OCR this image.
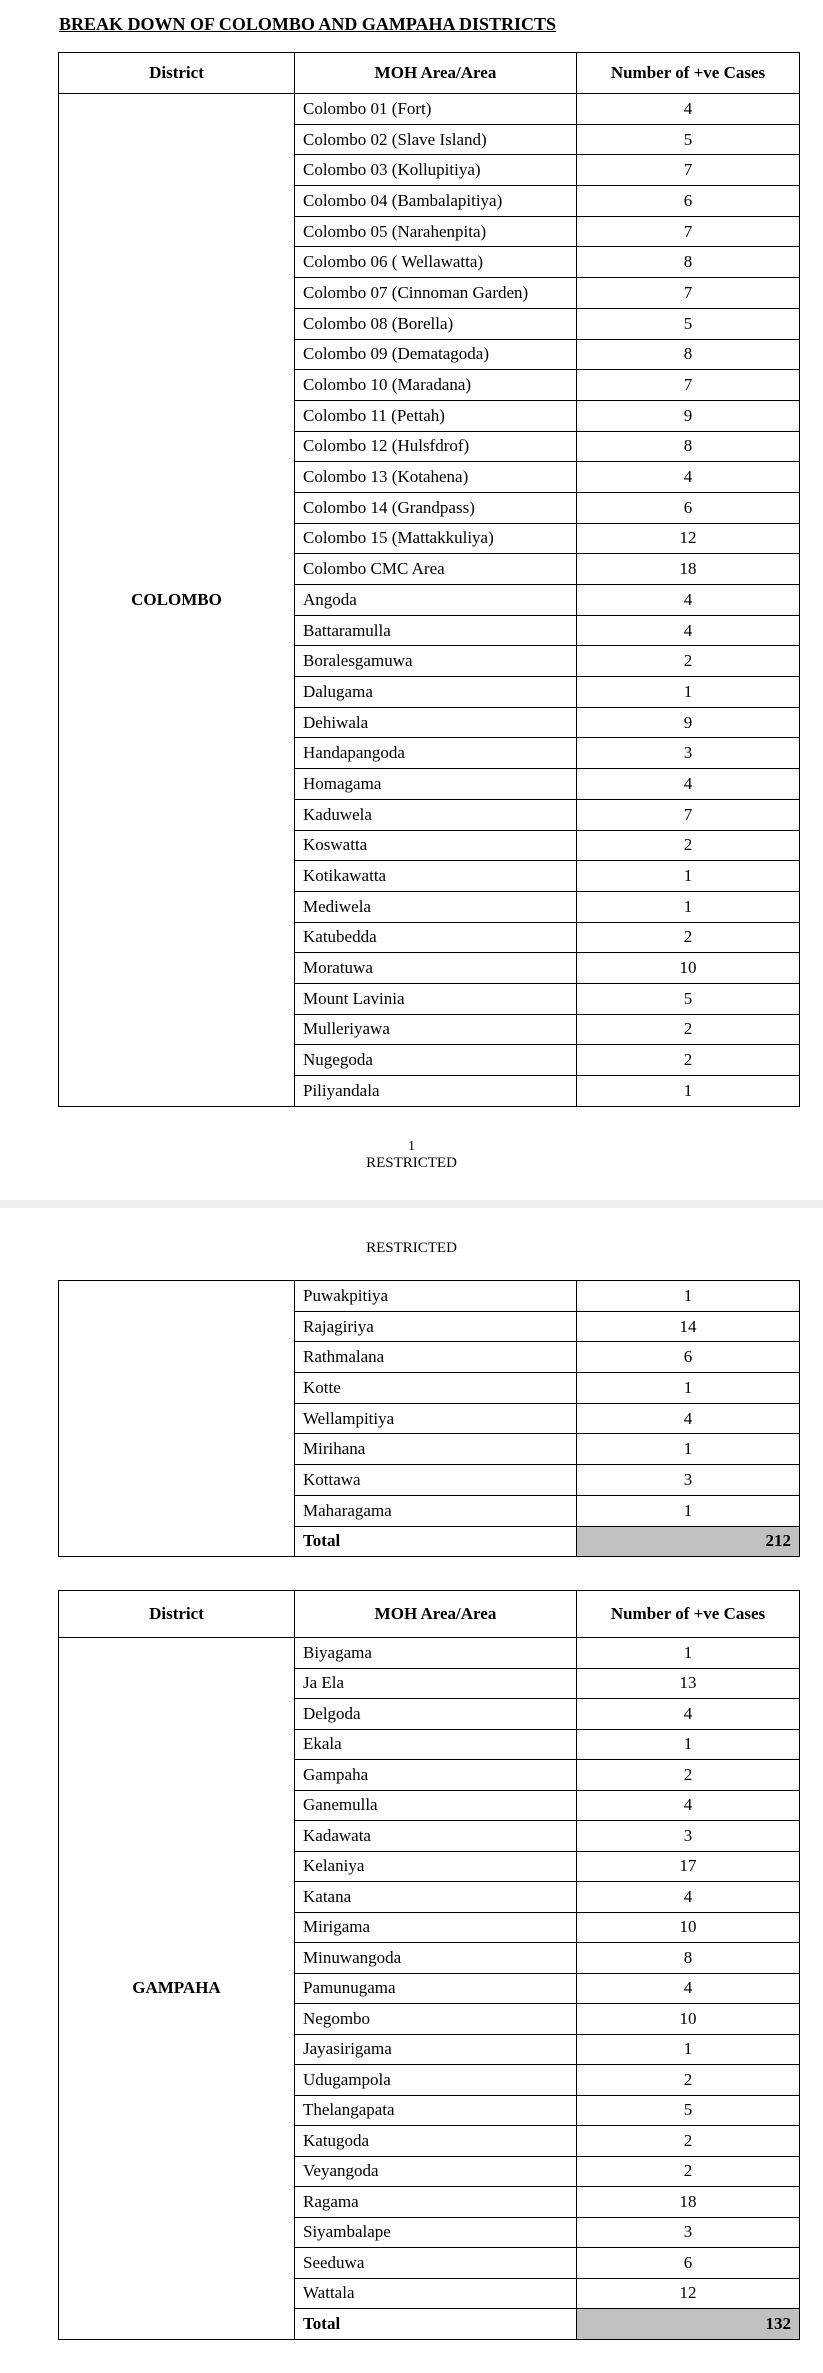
BREAK DOWN OF COLOMBO AND GAMPAHA DISTRICTS
District	MOH Area/Area	Number of +ve Cases
COLOMBO	Colombo 01 (Fort)	4
	Colombo 02 (Slave Island)	5
	Colombo 03 (Kollupitiya)	7
	Colombo 04 (Bambalapitiya)	6
	Colombo 05 (Narahenpita)	7
	Colombo 06 ( Wellawatta)	8
	Colombo 07 (Cinnoman Garden)	7
	Colombo 08 (Borella)	5
	Colombo 09 (Dematagoda)	8
	Colombo 10 (Maradana)	7
	Colombo 11 (Pettah)	9
	Colombo 12 (Hulsfdrof)	8
	Colombo 13 (Kotahena)	4
	Colombo 14 (Grandpass)	6
	Colombo 15 (Mattakkuliya)	12
	Colombo CMC Area	18
	Angoda	4
	Battaramulla	4
	Boralesgamuwa	2
	Dalugama	1
	Dehiwala	9
	Handapangoda	3
	Homagama	4
	Kaduwela	7
	Koswatta	2
	Kotikawatta	1
	Mediwela	1
	Katubedda	2
	Moratuwa	10
	Mount Lavinia	5
	Mulleriyawa	2
	Nugegoda	2
	Piliyandala	1
1
RESTRICTED
RESTRICTED
	Puwakpitiya	1
	Rajagiriya	14
	Rathmalana	6
	Kotte	1
	Wellampitiya	4
	Mirihana	1
	Kottawa	3
	Maharagama	1
	Total	212
District	MOH Area/Area	Number of +ve Cases
GAMPAHA	Biyagama	1
	Ja Ela	13
	Delgoda	4
	Ekala	1
	Gampaha	2
	Ganemulla	4
	Kadawata	3
	Kelaniya	17
	Katana	4
	Mirigama	10
	Minuwangoda	8
	Pamunugama	4
	Negombo	10
	Jayasirigama	1
	Udugampola	2
	Thelangapata	5
	Katugoda	2
	Veyangoda	2
	Ragama	18
	Siyambalape	3
	Seeduwa	6
	Wattala	12
	Total	132
